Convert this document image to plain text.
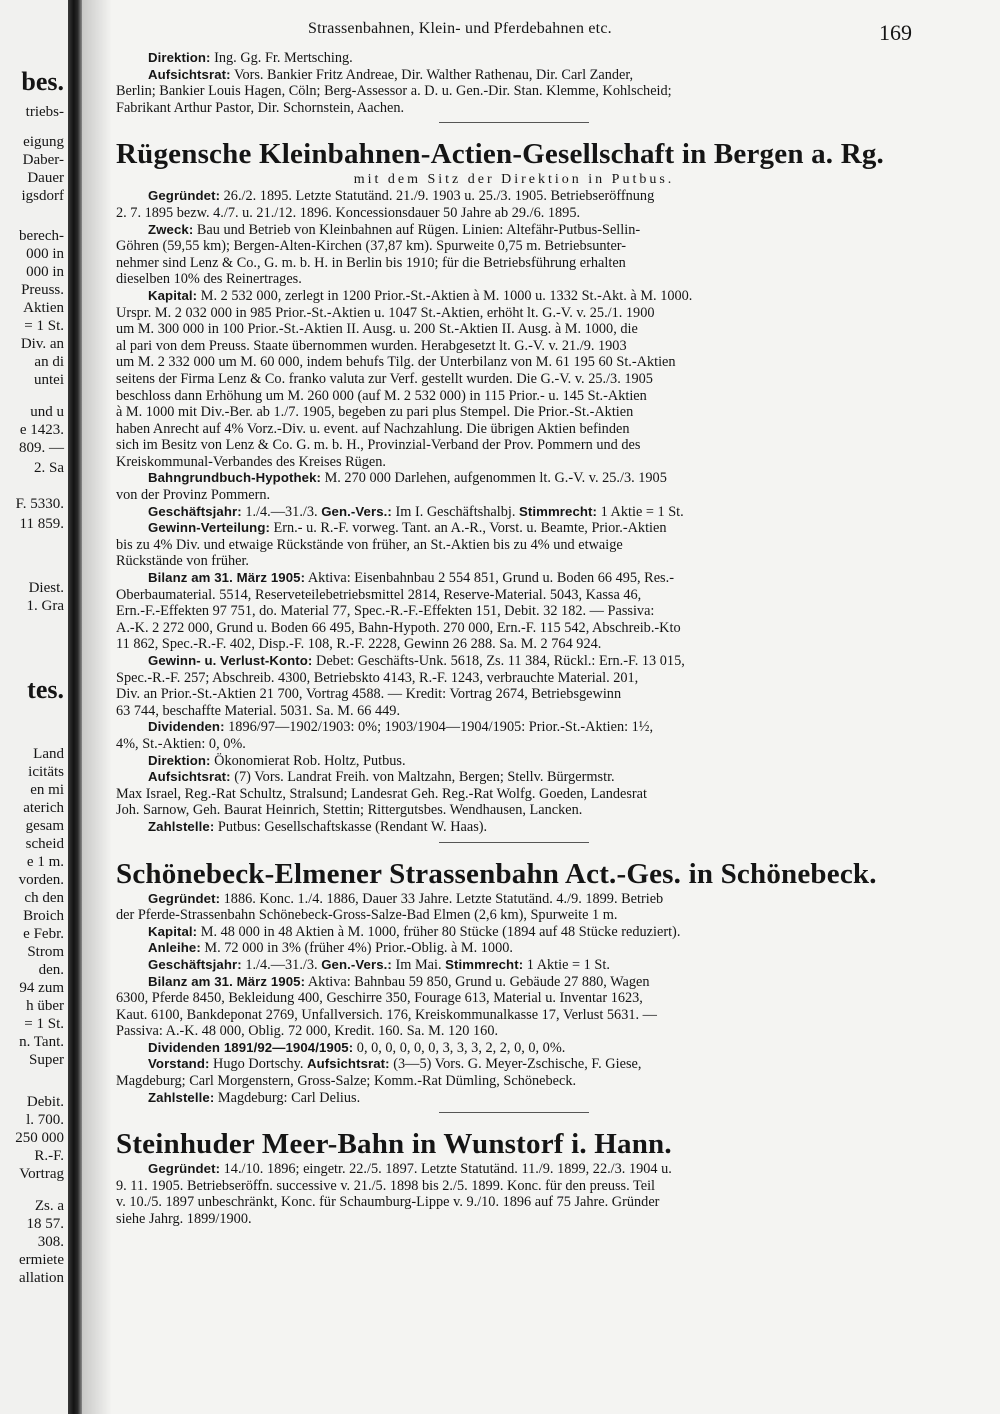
bes.
triebs-
eigung
Daber-
Dauer
igsdorf
berech-
000 in
000 in
Preuss.
Aktien
= 1 St.
Div. an
an di
untei
und u
e 1423.
809. —
2. Sa
F. 5330.
11 859.
Diest.
1. Gra
tes.
Land
icitäts
en mi
aterich
gesam
scheid
e 1 m.
vorden.
ch den
Broich
e Febr.
Strom
den.
94 zum
h über
= 1 St.
n. Tant.
Super
Debit.
l. 700.
250 000
R.-F.
Vortrag
Zs. a
18 57.
308.
ermiete
allation
Strassenbahnen, Klein- und Pferdebahnen etc.	169
Direktion: Ing. Gg. Fr. Mertsching.
Aufsichtsrat: Vors. Bankier Fritz Andreae, Dir. Walther Rathenau, Dir. Carl Zander,
Berlin; Bankier Louis Hagen, Cöln; Berg-Assessor a. D. u. Gen.-Dir. Stan. Klemme, Kohlscheid;
Fabrikant Arthur Pastor, Dir. Schornstein, Aachen.
Rügensche Kleinbahnen-Actien-Gesellschaft in Bergen a. Rg.
mit dem Sitz der Direktion in Putbus.
Gegründet: 26./2. 1895. Letzte Statutänd. 21./9. 1903 u. 25./3. 1905. Betriebseröffnung
2. 7. 1895 bezw. 4./7. u. 21./12. 1896. Koncessionsdauer 50 Jahre ab 29./6. 1895.
Zweck: Bau und Betrieb von Kleinbahnen auf Rügen. Linien: Altefähr-Putbus-Sellin-
Göhren (59,55 km); Bergen-Alten-Kirchen (37,87 km). Spurweite 0,75 m. Betriebsunter-
nehmer sind Lenz & Co., G. m. b. H. in Berlin bis 1910; für die Betriebsführung erhalten
dieselben 10% des Reinertrages.
Kapital: M. 2 532 000, zerlegt in 1200 Prior.-St.-Aktien à M. 1000 u. 1332 St.-Akt. à M. 1000.
Urspr. M. 2 032 000 in 985 Prior.-St.-Aktien u. 1047 St.-Aktien, erhöht lt. G.-V. v. 25./1. 1900
um M. 300 000 in 100 Prior.-St.-Aktien II. Ausg. u. 200 St.-Aktien II. Ausg. à M. 1000, die
al pari von dem Preuss. Staate übernommen wurden. Herabgesetzt lt. G.-V. v. 21./9. 1903
um M. 2 332 000 um M. 60 000, indem behufs Tilg. der Unterbilanz von M. 61 195 60 St.-Aktien
seitens der Firma Lenz & Co. franko valuta zur Verf. gestellt wurden. Die G.-V. v. 25./3. 1905
beschloss dann Erhöhung um M. 260 000 (auf M. 2 532 000) in 115 Prior.- u. 145 St.-Aktien
à M. 1000 mit Div.-Ber. ab 1./7. 1905, begeben zu pari plus Stempel. Die Prior.-St.-Aktien
haben Anrecht auf 4% Vorz.-Div. u. event. auf Nachzahlung. Die übrigen Aktien befinden
sich im Besitz von Lenz & Co. G. m. b. H., Provinzial-Verband der Prov. Pommern und des
Kreiskommunal-Verbandes des Kreises Rügen.
Bahngrundbuch-Hypothek: M. 270 000 Darlehen, aufgenommen lt. G.-V. v. 25./3. 1905
von der Provinz Pommern.
Geschäftsjahr: 1./4.—31./3. Gen.-Vers.: Im I. Geschäftshalbj. Stimmrecht: 1 Aktie = 1 St.
Gewinn-Verteilung: Ern.- u. R.-F. vorweg. Tant. an A.-R., Vorst. u. Beamte, Prior.-Aktien
bis zu 4% Div. und etwaige Rückstände von früher, an St.-Aktien bis zu 4% und etwaige
Rückstände von früher.
Bilanz am 31. März 1905: Aktiva: Eisenbahnbau 2 554 851, Grund u. Boden 66 495, Res.-
Oberbaumaterial. 5514, Reserveteilebetriebsmittel 2814, Reserve-Material. 5043, Kassa 46,
Ern.-F.-Effekten 97 751, do. Material 77, Spec.-R.-F.-Effekten 151, Debit. 32 182. — Passiva:
A.-K. 2 272 000, Grund u. Boden 66 495, Bahn-Hypoth. 270 000, Ern.-F. 115 542, Abschreib.-Kto
11 862, Spec.-R.-F. 402, Disp.-F. 108, R.-F. 2228, Gewinn 26 288. Sa. M. 2 764 924.
Gewinn- u. Verlust-Konto: Debet: Geschäfts-Unk. 5618, Zs. 11 384, Rückl.: Ern.-F. 13 015,
Spec.-R.-F. 257; Abschreib. 4300, Betriebskto 4143, R.-F. 1243, verbrauchte Material. 201,
Div. an Prior.-St.-Aktien 21 700, Vortrag 4588. — Kredit: Vortrag 2674, Betriebsgewinn
63 744, beschaffte Material. 5031. Sa. M. 66 449.
Dividenden: 1896/97—1902/1903: 0%; 1903/1904—1904/1905: Prior.-St.-Aktien: 1½,
4%, St.-Aktien: 0, 0%.
Direktion: Ökonomierat Rob. Holtz, Putbus.
Aufsichtsrat: (7) Vors. Landrat Freih. von Maltzahn, Bergen; Stellv. Bürgermstr.
Max Israel, Reg.-Rat Schultz, Stralsund; Landesrat Geh. Reg.-Rat Wolfg. Goeden, Landesrat
Joh. Sarnow, Geh. Baurat Heinrich, Stettin; Rittergutsbes. Wendhausen, Lancken.
Zahlstelle: Putbus: Gesellschaftskasse (Rendant W. Haas).
Schönebeck-Elmener Strassenbahn Act.-Ges. in Schönebeck.
Gegründet: 1886. Konc. 1./4. 1886, Dauer 33 Jahre. Letzte Statutänd. 4./9. 1899. Betrieb
der Pferde-Strassenbahn Schönebeck-Gross-Salze-Bad Elmen (2,6 km), Spurweite 1 m.
Kapital: M. 48 000 in 48 Aktien à M. 1000, früher 80 Stücke (1894 auf 48 Stücke reduziert).
Anleihe: M. 72 000 in 3% (früher 4%) Prior.-Oblig. à M. 1000.
Geschäftsjahr: 1./4.—31./3. Gen.-Vers.: Im Mai. Stimmrecht: 1 Aktie = 1 St.
Bilanz am 31. März 1905: Aktiva: Bahnbau 59 850, Grund u. Gebäude 27 880, Wagen
6300, Pferde 8450, Bekleidung 400, Geschirre 350, Fourage 613, Material u. Inventar 1623,
Kaut. 6100, Bankdeponat 2769, Unfallversich. 176, Kreiskommunalkasse 17, Verlust 5631. —
Passiva: A.-K. 48 000, Oblig. 72 000, Kredit. 160. Sa. M. 120 160.
Dividenden 1891/92—1904/1905: 0, 0, 0, 0, 0, 0, 3, 3, 3, 2, 2, 0, 0, 0%.
Vorstand: Hugo Dortschy. Aufsichtsrat: (3—5) Vors. G. Meyer-Zschische, F. Giese,
Magdeburg; Carl Morgenstern, Gross-Salze; Komm.-Rat Dümling, Schönebeck.
Zahlstelle: Magdeburg: Carl Delius.
Steinhuder Meer-Bahn in Wunstorf i. Hann.
Gegründet: 14./10. 1896; eingetr. 22./5. 1897. Letzte Statutänd. 11./9. 1899, 22./3. 1904 u.
9. 11. 1905. Betriebseröffn. successive v. 21./5. 1898 bis 2./5. 1899. Konc. für den preuss. Teil
v. 10./5. 1897 unbeschränkt, Konc. für Schaumburg-Lippe v. 9./10. 1896 auf 75 Jahre. Gründer
siehe Jahrg. 1899/1900.
